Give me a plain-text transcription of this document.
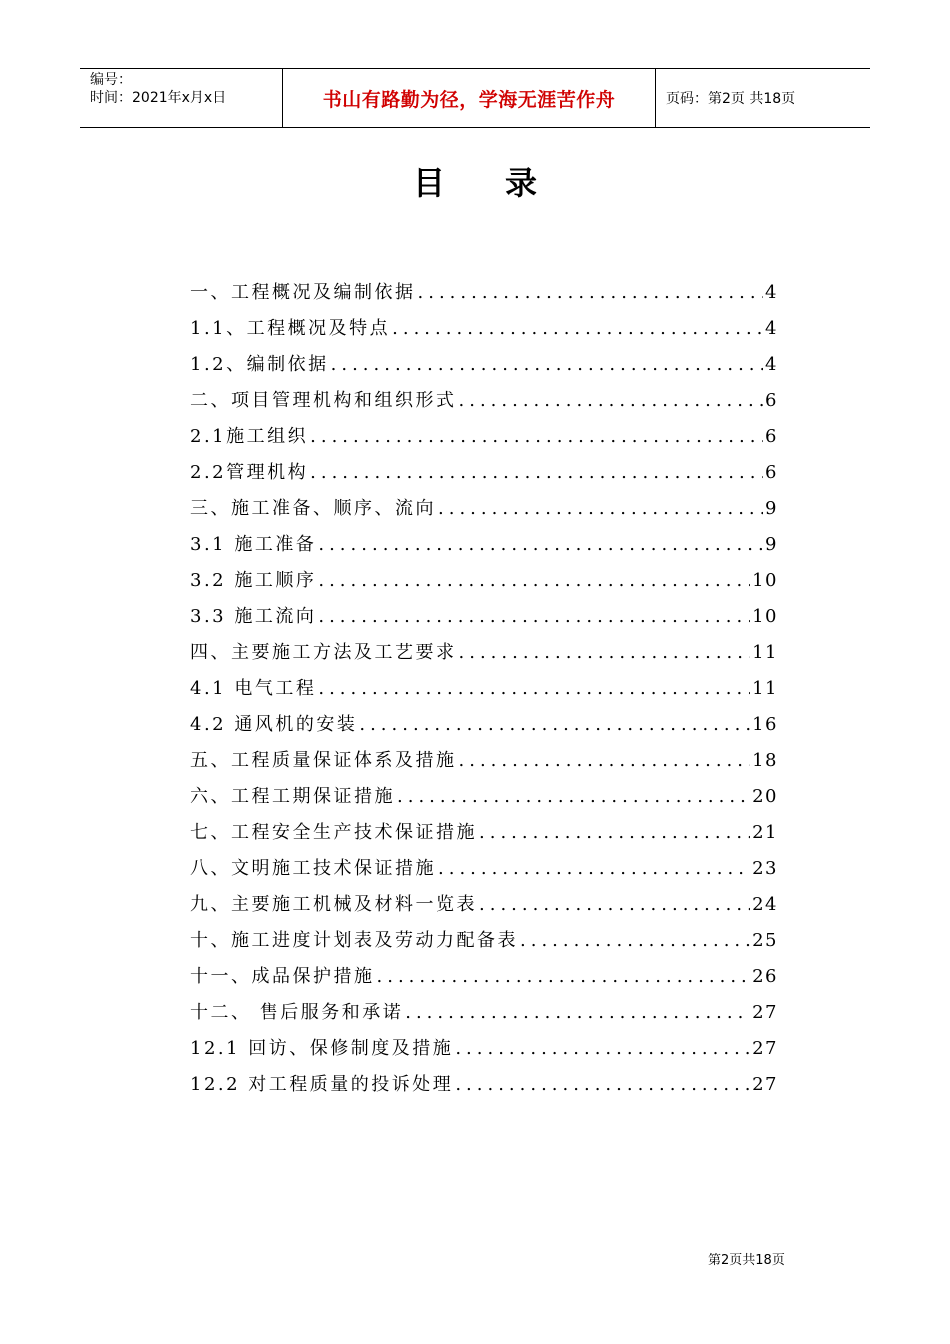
编号：
时间：2021年x月x日	书山有路勤为径，学海无涯苦作舟	页码：第2页 共18页
目录
一、工程概况及编制依据 .....	4
1.1、工程概况及特点 .....	4
1.2、编制依据 .....	4
二、项目管理机构和组织形式 .....	6
2.1施工组织 .....	6
2.2管理机构 .....	6
三、施工准备、顺序、流向 .....	9
3.1 施工准备 .....	9
3.2 施工顺序 .....	10
3.3 施工流向 .....	10
四、主要施工方法及工艺要求 .....	11
4.1 电气工程 .....	11
4.2 通风机的安装 .....	16
五、工程质量保证体系及措施 .....	18
六、工程工期保证措施 .....	20
七、工程安全生产技术保证措施 .....	21
八、文明施工技术保证措施 .....	23
九、主要施工机械及材料一览表 .....	24
十、施工进度计划表及劳动力配备表 .....	25
十一、成品保护措施 .....	26
十二、 售后服务和承诺 .....	27
12.1 回访、保修制度及措施 .....	27
12.2 对工程质量的投诉处理 .....	27
第2页共18页
